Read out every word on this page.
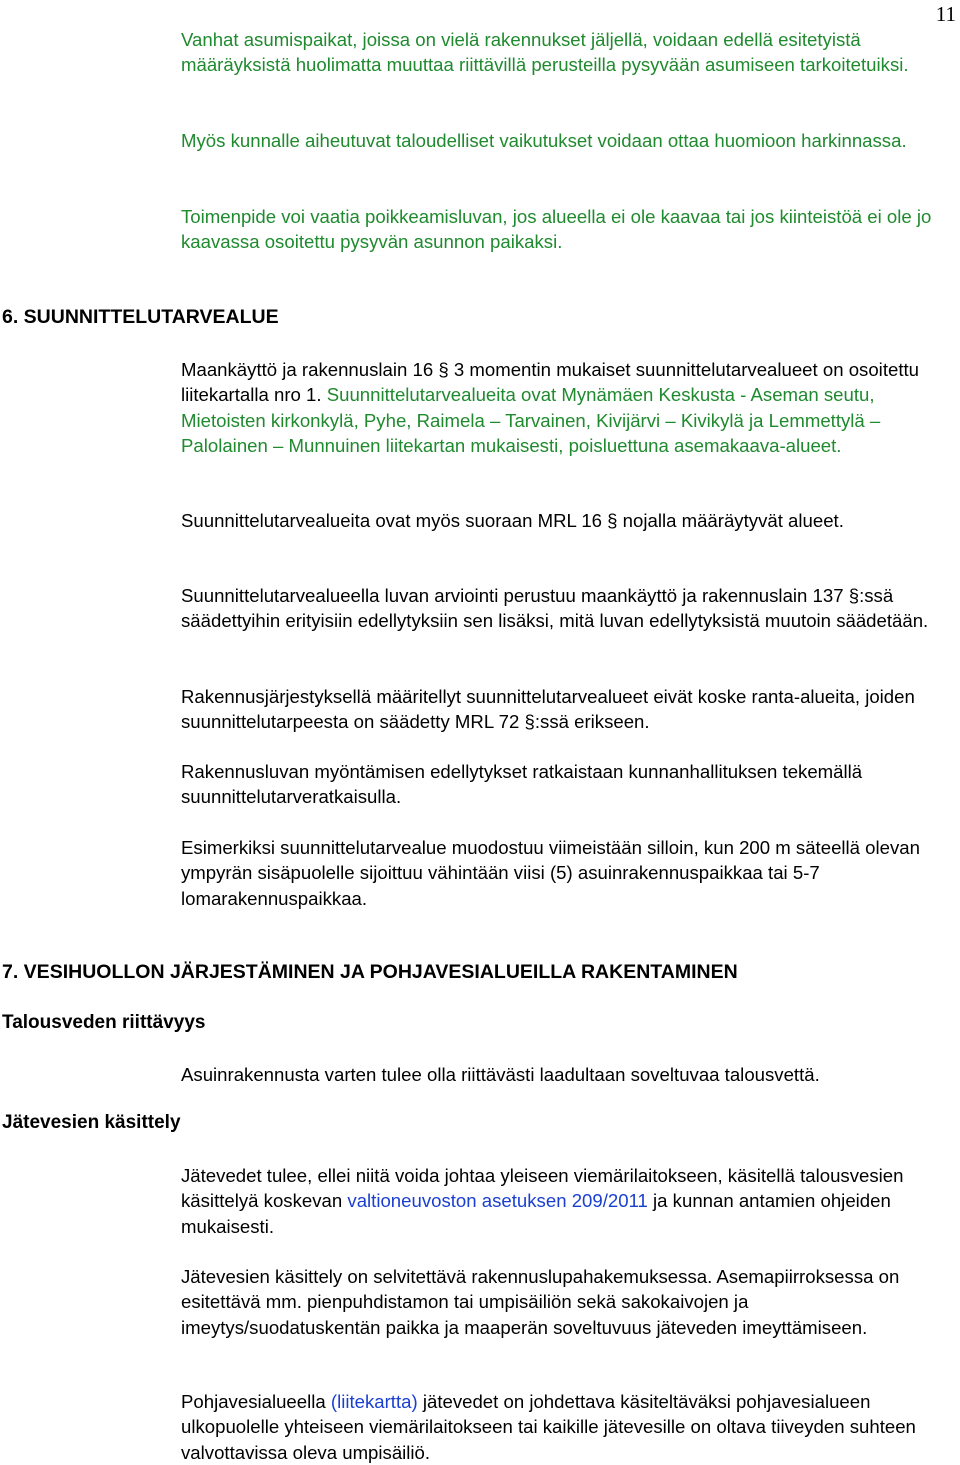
11

Vanhat asumispaikat, joissa on vielä rakennukset jäljellä, voidaan edellä esitetyistä määräyksistä huolimatta muuttaa riittävillä perusteilla pysyvään asumiseen tarkoitetuiksi.

Myös kunnalle aiheutuvat taloudelliset vaikutukset voidaan ottaa huomioon harkinnassa.

Toimenpide voi vaatia poikkeamisluvan, jos alueella ei ole kaavaa tai jos kiinteistöä ei ole jo kaavassa osoitettu pysyvän asunnon paikaksi.

6. SUUNNITTELUTARVEALUE

Maankäyttö ja rakennuslain 16 § 3 momentin mukaiset suunnittelutarvealueet on osoitettu liitekartalla nro 1. Suunnittelutarvealueita ovat Mynämäen Keskusta - Aseman seutu, Mietoisten kirkonkylä, Pyhe, Raimela – Tarvainen, Kivijärvi – Kivikylä ja Lemmettylä – Palolainen – Munnuinen liitekartan mukaisesti, poisluettuna asemakaava-alueet.

Suunnittelutarvealueita ovat myös suoraan MRL 16 § nojalla määräytyvät alueet.

Suunnittelutarvealueella luvan arviointi perustuu maankäyttö ja rakennuslain 137 §:ssä säädettyihin erityisiin edellytyksiin sen lisäksi, mitä luvan edellytyksistä muutoin säädetään.

Rakennusjärjestyksellä määritellyt suunnittelutarvealueet eivät koske ranta-alueita, joiden suunnittelutarpeesta on säädetty MRL 72 §:ssä erikseen.

Rakennusluvan myöntämisen edellytykset ratkaistaan kunnanhallituksen tekemällä suunnittelutarveratkaisulla.

Esimerkiksi suunnittelutarvealue muodostuu viimeistään silloin, kun 200 m säteellä olevan ympyrän sisäpuolelle sijoittuu vähintään viisi (5) asuinrakennuspaikkaa tai 5-7 lomarakennuspaikkaa.

7. VESIHUOLLON JÄRJESTÄMINEN JA POHJAVESIALUEILLA RAKENTAMINEN
Talousveden riittävyys

Asuinrakennusta varten tulee olla riittävästi laadultaan soveltuvaa talousvettä.

Jätevesien käsittely

Jätevedet tulee, ellei niitä voida johtaa yleiseen viemärilaitokseen, käsitellä talousvesien käsittelyä koskevan valtioneuvoston asetuksen 209/2011 ja kunnan antamien ohjeiden mukaisesti.

Jätevesien käsittely on selvitettävä rakennuslupahakemuksessa. Asemapiirroksessa on esitettävä mm. pienpuhdistamon tai umpisäiliön sekä sakokaivojen ja imeytys/suodatuskentän paikka ja maaperän soveltuvuus jäteveden imeyttämiseen.

Pohjavesialueella (liitekartta) jätevedet on johdettava käsiteltäväksi pohjavesialueen ulkopuolelle yhteiseen viemärilaitokseen tai kaikille jätevesille on oltava tiiveyden suhteen valvottavissa oleva umpisäiliö.
